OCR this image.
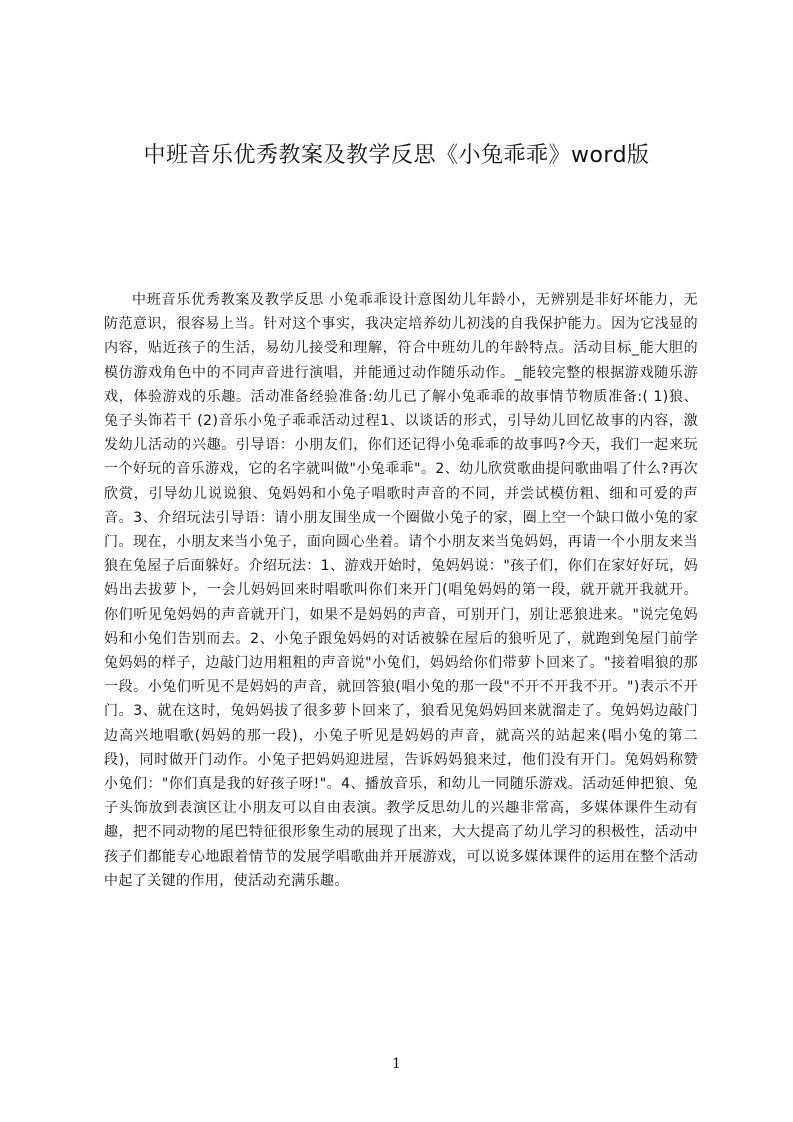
中班音乐优秀教案及教学反思《小兔乖乖》word版

中班音乐优秀教案及教学反思 小兔乖乖设计意图幼儿年龄小，无辨别是非好坏能力，无防范意识，很容易上当。针对这个事实，我决定培养幼儿初浅的自我保护能力。因为它浅显的内容，贴近孩子的生活，易幼儿接受和理解，符合中班幼儿的年龄特点。活动目标_能大胆的模仿游戏角色中的不同声音进行演唱，并能通过动作随乐动作。_能较完整的根据游戏随乐游戏，体验游戏的乐趣。活动准备经验准备:幼儿已了解小兔乖乖的故事情节物质准备:( 1)狼、兔子头饰若干 (2)音乐小兔子乖乖活动过程1、以谈话的形式，引导幼儿回忆故事的内容，激发幼儿活动的兴趣。引导语：小朋友们，你们还记得小兔乖乖的故事吗?今天，我们一起来玩一个好玩的音乐游戏，它的名字就叫做"小兔乖乖"。2、幼儿欣赏歌曲提问歌曲唱了什么?再次欣赏，引导幼儿说说狼、兔妈妈和小兔子唱歌时声音的不同，并尝试模仿粗、细和可爱的声音。3、介绍玩法引导语：请小朋友围坐成一个圈做小兔子的家，圈上空一个缺口做小兔的家门。现在，小朋友来当小兔子，面向圆心坐着。请个小朋友来当兔妈妈，再请一个小朋友来当狼在兔屋子后面躲好。介绍玩法：1、游戏开始时，兔妈妈说："孩子们，你们在家好好玩，妈妈出去拔萝卜，一会儿妈妈回来时唱歌叫你们来开门(唱兔妈妈的第一段，就开就开我就开。你们听见兔妈妈的声音就开门，如果不是妈妈的声音，可别开门，别让恶狼进来。"说完兔妈妈和小兔们告别而去。2、小兔子跟兔妈妈的对话被躲在屋后的狼听见了，就跑到兔屋门前学兔妈妈的样子，边敲门边用粗粗的声音说"小兔们，妈妈给你们带萝卜回来了。"接着唱狼的那一段。小兔们听见不是妈妈的声音，就回答狼(唱小兔的那一段"不开不开我不开。")表示不开门。3、就在这时，兔妈妈拔了很多萝卜回来了，狼看见兔妈妈回来就溜走了。兔妈妈边敲门边高兴地唱歌(妈妈的那一段)，小兔子听见是妈妈的声音，就高兴的站起来(唱小兔的第二段)，同时做开门动作。小兔子把妈妈迎进屋，告诉妈妈狼来过，他们没有开门。兔妈妈称赞小兔们："你们真是我的好孩子呀!"。4、播放音乐，和幼儿一同随乐游戏。活动延伸把狼、兔子头饰放到表演区让小朋友可以自由表演。教学反思幼儿的兴趣非常高，多媒体课件生动有趣，把不同动物的尾巴特征很形象生动的展现了出来，大大提高了幼儿学习的积极性，活动中孩子们都能专心地跟着情节的发展学唱歌曲并开展游戏，可以说多媒体课件的运用在整个活动中起了关键的作用，使活动充满乐趣。

1
